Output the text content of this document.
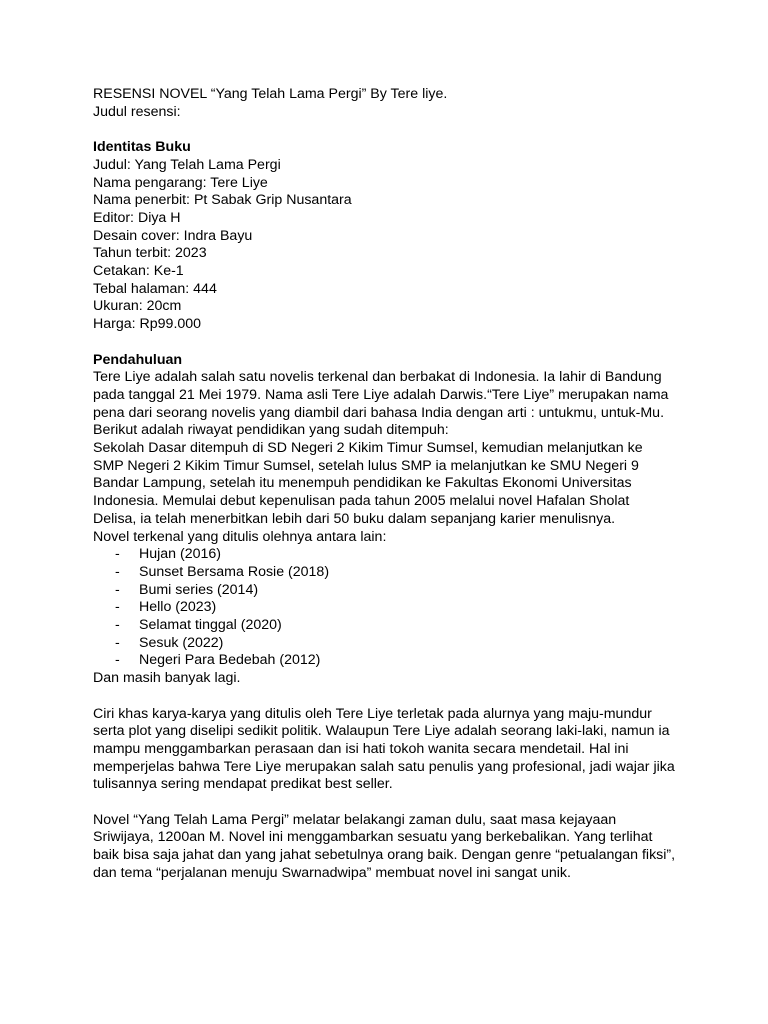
RESENSI NOVEL “Yang Telah Lama Pergi” By Tere liye.
Judul resensi:
Identitas Buku
Judul: Yang Telah Lama Pergi
Nama pengarang: Tere Liye
Nama penerbit: Pt Sabak Grip Nusantara
Editor: Diya H
Desain cover: Indra Bayu
Tahun terbit: 2023
Cetakan: Ke-1
Tebal halaman: 444
Ukuran: 20cm
Harga: Rp99.000
Pendahuluan
Tere Liye adalah salah satu novelis terkenal dan berbakat di Indonesia. Ia lahir di Bandung
pada tanggal 21 Mei 1979. Nama asli Tere Liye adalah Darwis.“Tere Liye” merupakan nama
pena dari seorang novelis yang diambil dari bahasa India dengan arti : untukmu, untuk-Mu.
Berikut adalah riwayat pendidikan yang sudah ditempuh:
Sekolah Dasar ditempuh di SD Negeri 2 Kikim Timur Sumsel, kemudian melanjutkan ke
SMP Negeri 2 Kikim Timur Sumsel, setelah lulus SMP ia melanjutkan ke SMU Negeri 9
Bandar Lampung, setelah itu menempuh pendidikan ke Fakultas Ekonomi Universitas
Indonesia. Memulai debut kepenulisan pada tahun 2005 melalui novel Hafalan Sholat
Delisa, ia telah menerbitkan lebih dari 50 buku dalam sepanjang karier menulisnya.
Novel terkenal yang ditulis olehnya antara lain:
- Hujan (2016)
- Sunset Bersama Rosie (2018)
- Bumi series (2014)
- Hello (2023)
- Selamat tinggal (2020)
- Sesuk (2022)
- Negeri Para Bedebah (2012)
Dan masih banyak lagi.
Ciri khas karya-karya yang ditulis oleh Tere Liye terletak pada alurnya yang maju-mundur
serta plot yang diselipi sedikit politik. Walaupun Tere Liye adalah seorang laki-laki, namun ia
mampu menggambarkan perasaan dan isi hati tokoh wanita secara mendetail. Hal ini
memperjelas bahwa Tere Liye merupakan salah satu penulis yang profesional, jadi wajar jika
tulisannya sering mendapat predikat best seller.
Novel “Yang Telah Lama Pergi” melatar belakangi zaman dulu, saat masa kejayaan
Sriwijaya, 1200an M. Novel ini menggambarkan sesuatu yang berkebalikan. Yang terlihat
baik bisa saja jahat dan yang jahat sebetulnya orang baik. Dengan genre “petualangan fiksi”,
dan tema “perjalanan menuju Swarnadwipa” membuat novel ini sangat unik.
